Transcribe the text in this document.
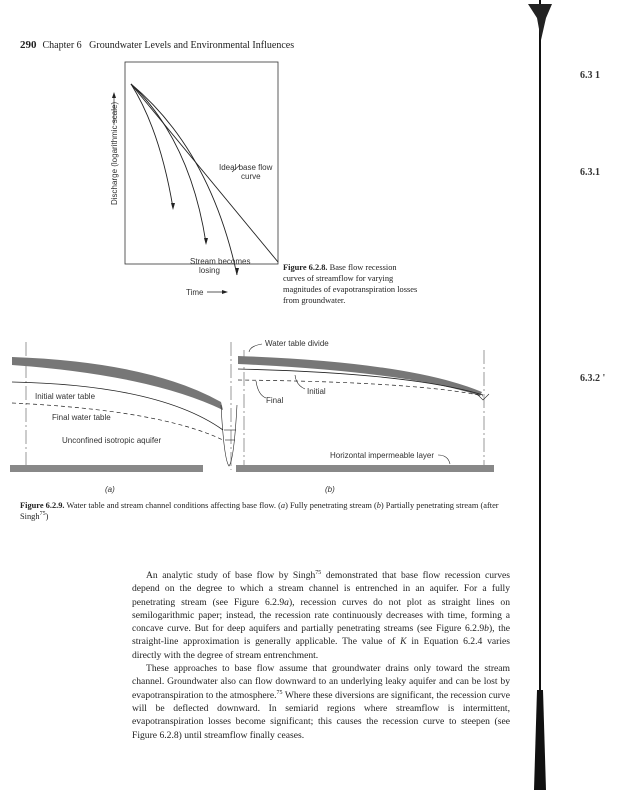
290 Chapter 6   Groundwater Levels and Environmental Influences
Ideal base flow
curve
Stream becomes
losing
Discharge (logarithmic scale)
Time
Initial water table
Final water table
Unconfined isotropic aquifer
(a)
Water table divide
Initial
Final
Horizontal impermeable layer
(b)
Figure 6.2.8. Base flow recession curves of streamflow for varying magnitudes of evapotranspiration losses from groundwater.
Figure 6.2.9. Water table and stream channel conditions affecting base flow. (a) Fully penetrating stream (b) Partially penetrating stream (after Singh$^{75}$)

An analytic study of base flow by Singh$^{75}$ demonstrated that base flow recession curves depend on the degree to which a stream channel is entrenched in an aquifer. For a fully penetrating stream (see Figure 6.2.9a), recession curves do not plot as straight lines on semilogarithmic paper; instead, the recession rate continuously decreases with time, forming a concave curve. But for deep aquifers and partially penetrating streams (see Figure 6.2.9b), the straight-line approximation is generally applicable. The value of K in Equation 6.2.4 varies directly with the degree of stream entrenchment.

These approaches to base flow assume that groundwater drains only toward the stream channel. Groundwater also can flow downward to an underlying leaky aquifer and can be lost by evapotranspiration to the atmosphere.$^{75}$ Where these diversions are significant, the recession curve will be deflected downward. In semiarid regions where streamflow is intermittent, evapotranspiration losses become significant; this causes the recession curve to steepen (see Figure 6.2.8) until streamflow finally ceases.

6.3 1
6.3.1
6.3.2 '
